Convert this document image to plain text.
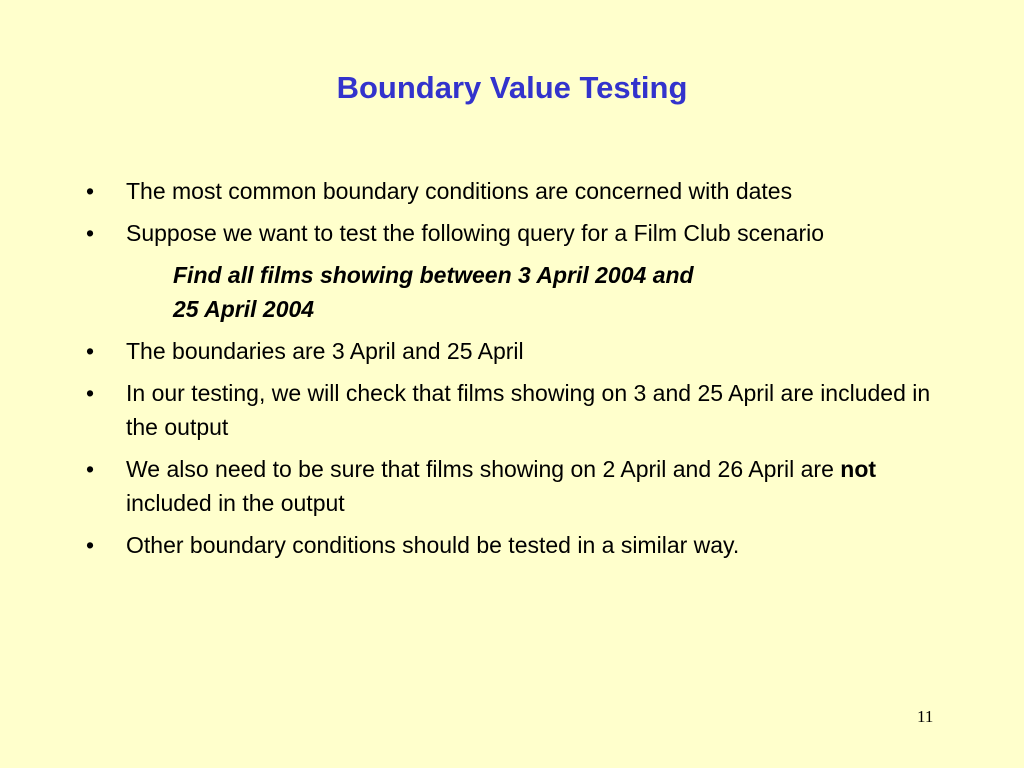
Boundary Value Testing
•	The most common boundary conditions are concerned with dates
•	Suppose we want to test the following query for a Film Club scenario
Find all films showing between 3 April 2004 and
25 April 2004
•	The boundaries are 3 April and 25 April
•	In our testing, we will check that films showing on 3 and 25 April are included in the output
•	We also need to be sure that films showing on 2 April and 26 April are not included in the output
•	Other boundary conditions should be tested in a similar way.
11
